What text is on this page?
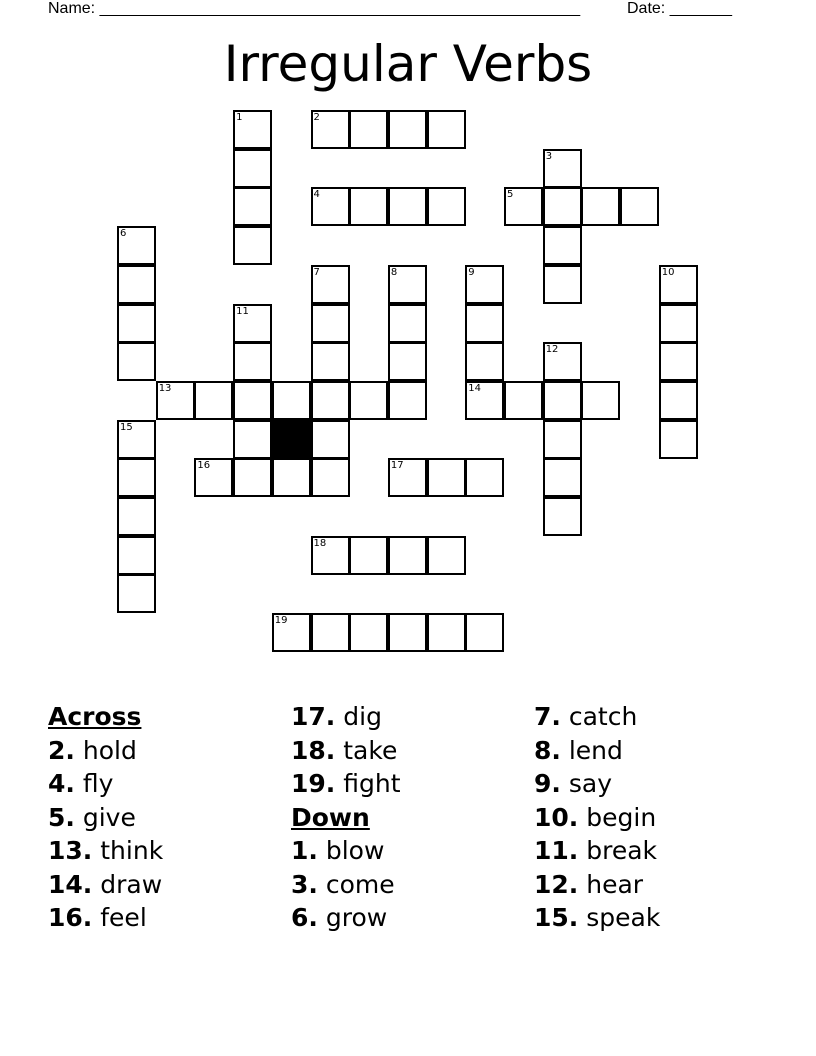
Name: ______________________________________________________	Date: _______
Irregular Verbs
1	2
3
4	5
6
7	8	9	10
11
12
13	14
15
16	17
18
19
Across
2. hold
4. fly
5. give
13. think
14. draw
16. feel
17. dig
18. take
19. fight
Down
1. blow
3. come
6. grow
7. catch
8. lend
9. say
10. begin
11. break
12. hear
15. speak
